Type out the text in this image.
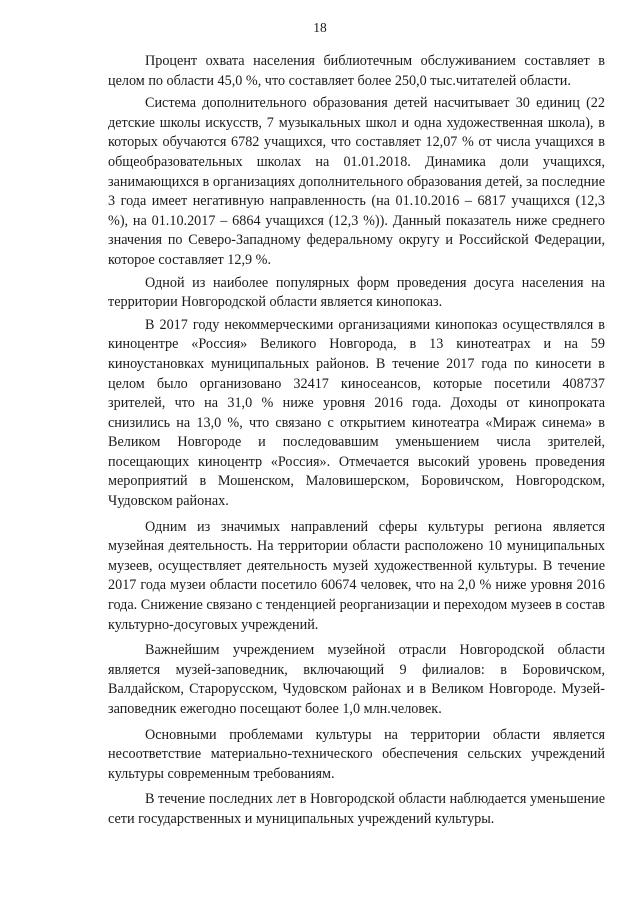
18

Процент охвата населения библиотечным обслуживанием составляет в целом по области 45,0 %, что составляет более 250,0 тыс.читателей области.

Система дополнительного образования детей насчитывает 30 единиц (22 детские школы искусств, 7 музыкальных школ и одна художественная школа), в которых обучаются 6782 учащихся, что составляет 12,07 % от числа учащихся в общеобразовательных школах на 01.01.2018. Динамика доли учащихся, занимающихся в организациях дополнительного образования детей, за последние 3 года имеет негативную направленность (на 01.10.2016 – 6817 учащихся (12,3 %), на 01.10.2017 – 6864 учащихся (12,3 %)). Данный показатель ниже среднего значения по Северо-Западному федеральному округу и Российской Федерации, которое составляет 12,9 %.

Одной из наиболее популярных форм проведения досуга населения на территории Новгородской области является кинопоказ.

В 2017 году некоммерческими организациями кинопоказ осуществлялся в киноцентре «Россия» Великого Новгорода, в 13 кинотеатрах и на 59 киноустановках муниципальных районов. В течение 2017 года по киносети в целом было организовано 32417 киносеансов, которые посетили 408737 зрителей, что на 31,0 % ниже уровня 2016 года. Доходы от кинопроката снизились на 13,0 %, что связано с открытием кинотеатра «Мираж синема» в Великом Новгороде и последовавшим уменьшением числа зрителей, посещающих киноцентр «Россия». Отмечается высокий уровень проведения мероприятий в Мошенском, Маловишерском, Боровичском, Новгородском, Чудовском районах.

Одним из значимых направлений сферы культуры региона является музейная деятельность. На территории области расположено 10 муниципальных музеев, осуществляет деятельность музей художественной культуры. В течение 2017 года музеи области посетило 60674 человек, что на 2,0 % ниже уровня 2016 года. Снижение связано с тенденцией реорганизации и переходом музеев в состав культурно-досуговых учреждений.

Важнейшим учреждением музейной отрасли Новгородской области является музей-заповедник, включающий 9 филиалов: в Боровичском, Валдайском, Старорусском, Чудовском районах и в Великом Новгороде. Музей-заповедник ежегодно посещают более 1,0 млн.человек.

Основными проблемами культуры на территории области является несоответствие материально-технического обеспечения сельских учреждений культуры современным требованиям.

В течение последних лет в Новгородской области наблюдается уменьшение сети государственных и муниципальных учреждений культуры.
